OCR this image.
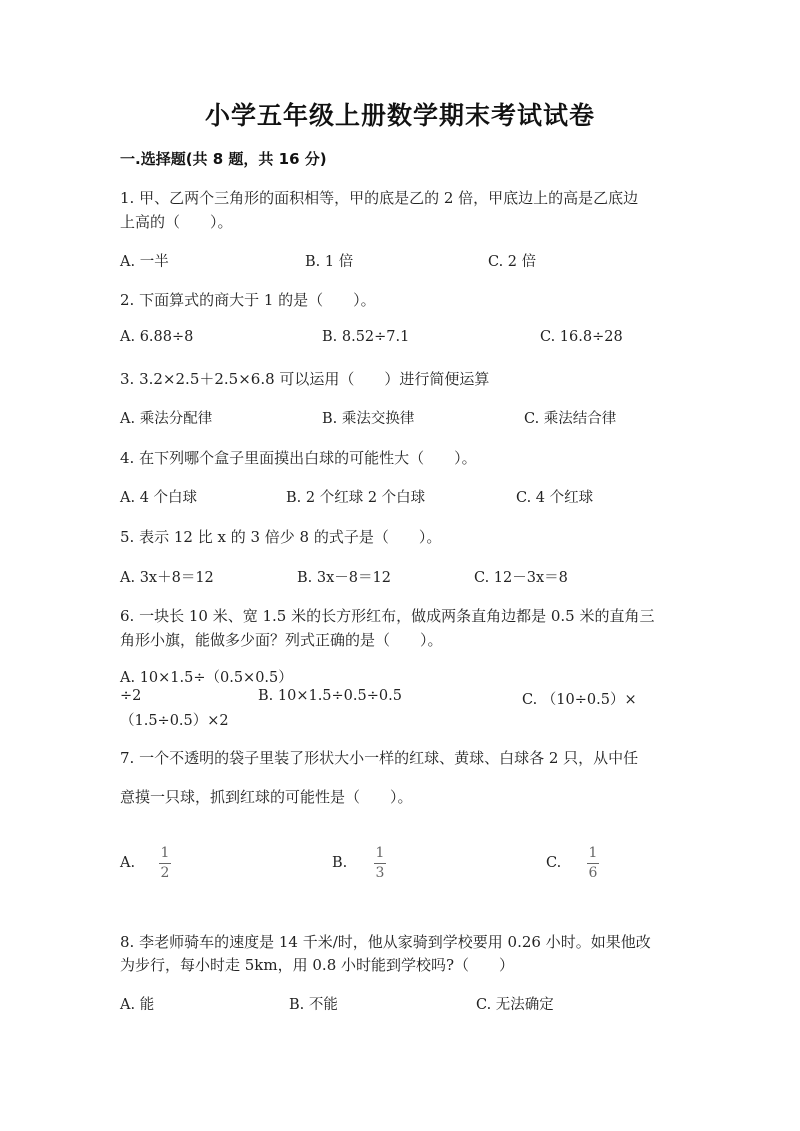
小学五年级上册数学期末考试试卷
一.选择题(共 8 题，共 16 分)
1. 甲、乙两个三角形的面积相等，甲的底是乙的 2 倍，甲底边上的高是乙底边
上高的（　　）。
A. 一半	B. 1 倍	C. 2 倍
2. 下面算式的商大于 1 的是（　　）。
A. 6.88÷8	B. 8.52÷7.1	C. 16.8÷28
3. 3.2×2.5＋2.5×6.8 可以运用（　　）进行简便运算
A. 乘法分配律	B. 乘法交换律	C. 乘法结合律
4. 在下列哪个盒子里面摸出白球的可能性大（　　）。
A. 4 个白球	B. 2 个红球 2 个白球	C. 4 个红球
5. 表示 12 比 x 的 3 倍少 8 的式子是（　　）。
A. 3x＋8＝12	B. 3x－8＝12	C. 12－3x＝8
6. 一块长 10 米、宽 1.5 米的长方形红布，做成两条直角边都是 0.5 米的直角三
角形小旗，能做多少面？列式正确的是（　　）。
A. 10×1.5÷（0.5×0.5）
÷2	B. 10×1.5÷0.5÷0.5	C. （10÷0.5）×
（1.5÷0.5）×2
7. 一个不透明的袋子里装了形状大小一样的红球、黄球、白球各 2 只，从中任
意摸一只球，抓到红球的可能性是（　　）。
A.
1
2
B.
1
3
C.
1
6
8. 李老师骑车的速度是 14 千米/时，他从家骑到学校要用 0.26 小时。如果他改
为步行，每小时走 5km，用 0.8 小时能到学校吗?（　　）
A. 能	B. 不能	C. 无法确定
